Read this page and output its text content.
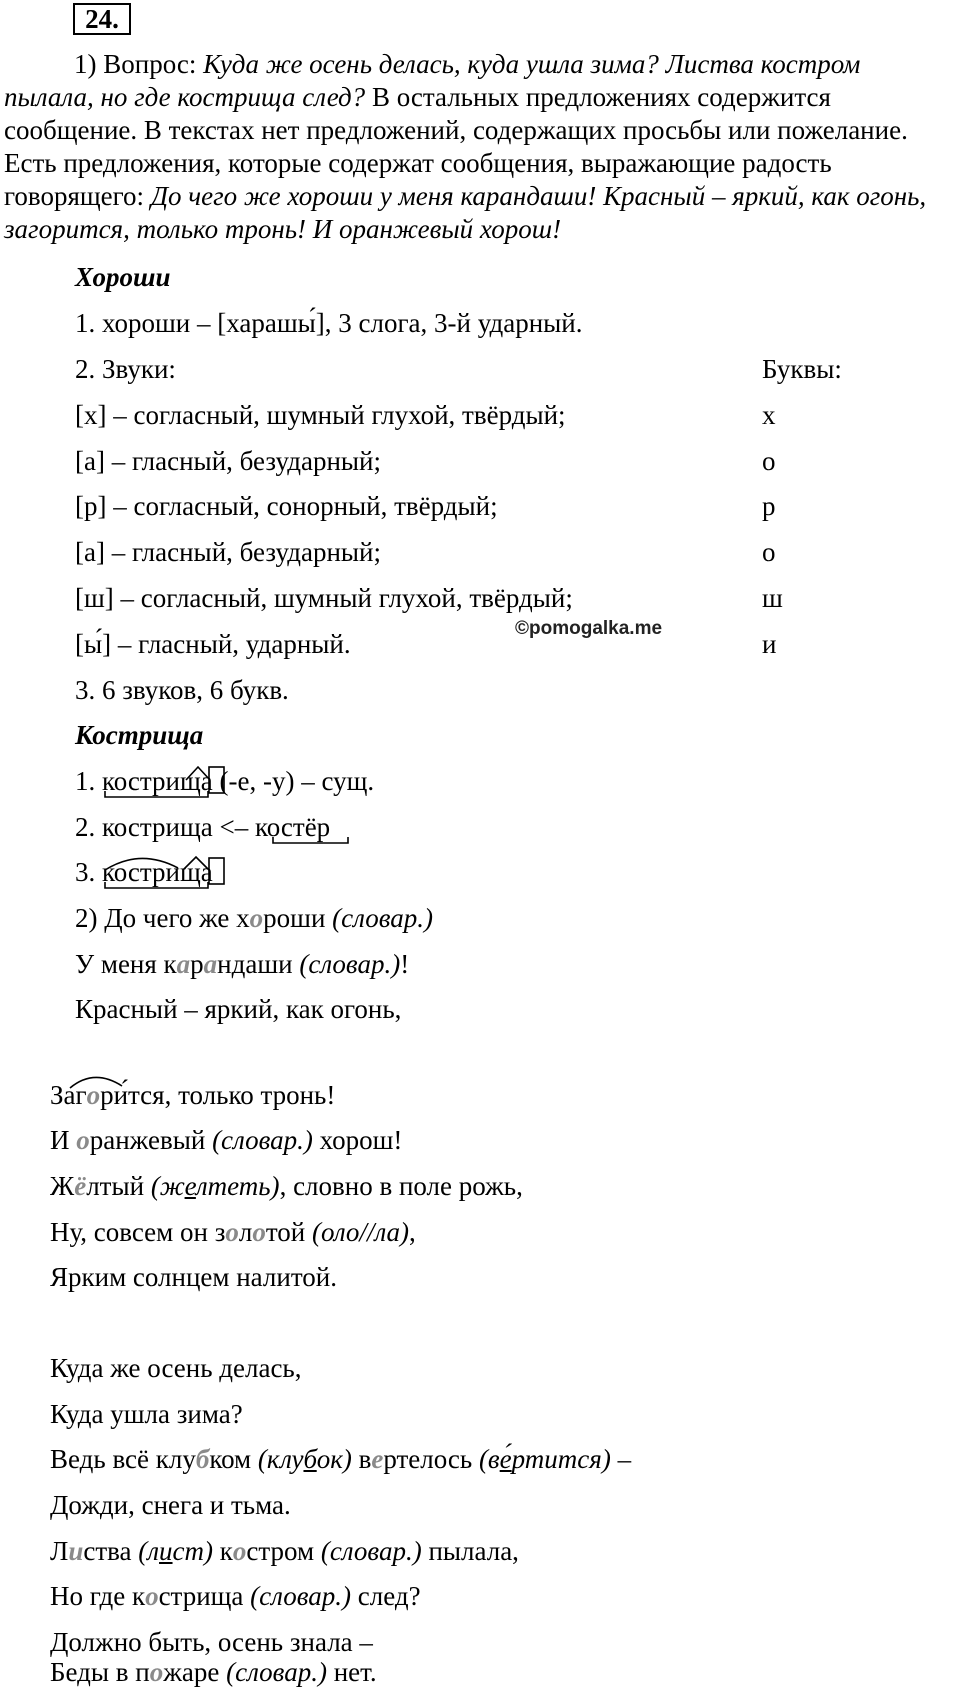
24.
1) Вопрос: Куда же осень делась, куда ушла зима? Листва костром пылала, но где кострища след? В остальных предложениях содержится сообщение. В текстах нет предложений, содержащих просьбы или пожелание. Есть предложения, которые содержат сообщения, выражающие радость говорящего: До чего же хороши у меня карандаши! Красный – яркий, как огонь, загорится, только тронь! И оранжевый хорош!
Хороши
1. хороши – [харашы́], 3 слога, 3-й ударный.
2. Звуки:	Буквы:
[х] – согласный, шумный глухой, твёрдый;	х
[а] – гласный, безударный;	о
[р] – согласный, сонорный, твёрдый;	р
[а] – гласный, безударный;	о
[ш] – согласный, шумный глухой, твёрдый;	ш
[ы́] – гласный, ударный.	и
©pomogalka.me
3. 6 звуков, 6 букв.
Кострища
1. кострища (-е, -у) – сущ.
2. кострища <– костёр
3. кострища
2) До чего же хороши (словар.)
У меня карандаши (словар.)!
Красный – яркий, как огонь,
Загори́тся, только тронь!
И оранжевый (словар.) хорош!
Жёлтый (желтеть), словно в поле рожь,
Ну, совсем он золотой (оло//ла),
Ярким солнцем налитой.
Куда же осень делась,
Куда ушла зима?
Ведь всё клубком (клубок) вертелось (ве́ртится) –
Дожди, снега и тьма.
Листва (лист) костром (словар.) пылала,
Но где кострища (словар.) след?
Должно быть, осень знала –
Беды в пожаре (словар.) нет.
